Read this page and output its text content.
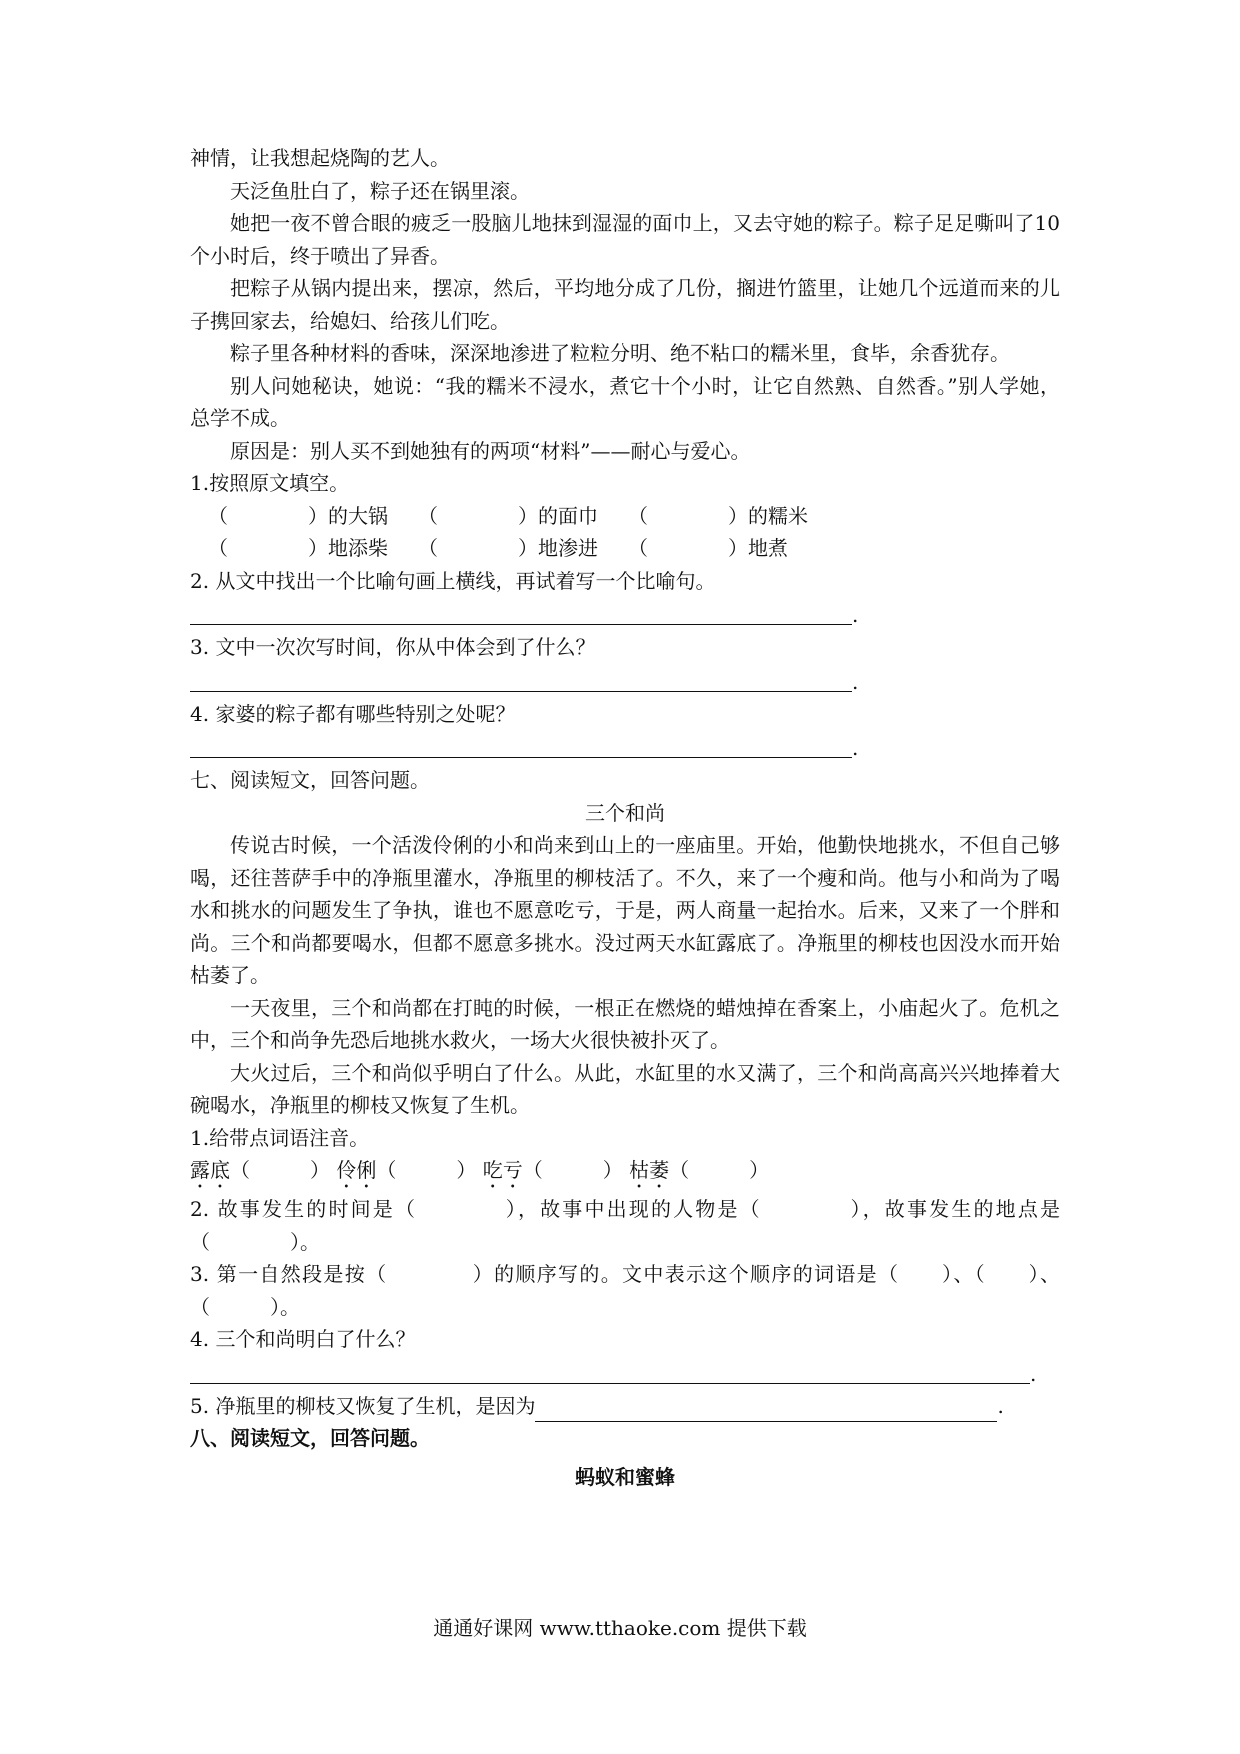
神情，让我想起烧陶的艺人。

天泛鱼肚白了，粽子还在锅里滚。

她把一夜不曾合眼的疲乏一股脑儿地抹到湿湿的面巾上，又去守她的粽子。粽子足足嘶叫了10个小时后，终于喷出了异香。

把粽子从锅内提出来，摆凉，然后，平均地分成了几份，搁进竹篮里，让她几个远道而来的儿子携回家去，给媳妇、给孩儿们吃。

粽子里各种材料的香味，深深地渗进了粒粒分明、绝不粘口的糯米里，食毕，余香犹存。

别人问她秘诀，她说：“我的糯米不浸水，煮它十个小时，让它自然熟、自然香。”别人学她，总学不成。

原因是：别人买不到她独有的两项“材料”——耐心与爱心。

1.按照原文填空。

（	）的大锅 （	）的面巾 （	）的糯米
（	）地添柴 （	）地渗进 （	）地煮

2. 从文中找出一个比喻句画上横线，再试着写一个比喻句。

.

3. 文中一次次写时间，你从中体会到了什么？

.

4. 家婆的粽子都有哪些特别之处呢？

.

七、阅读短文，回答问题。

三个和尚

传说古时候，一个活泼伶俐的小和尚来到山上的一座庙里。开始，他勤快地挑水，不但自己够喝，还往菩萨手中的净瓶里灌水，净瓶里的柳枝活了。不久，来了一个瘦和尚。他与小和尚为了喝水和挑水的问题发生了争执，谁也不愿意吃亏，于是，两人商量一起抬水。后来，又来了一个胖和尚。三个和尚都要喝水，但都不愿意多挑水。没过两天水缸露底了。净瓶里的柳枝也因没水而开始枯萎了。

一天夜里，三个和尚都在打盹的时候，一根正在燃烧的蜡烛掉在香案上，小庙起火了。危机之中，三个和尚争先恐后地挑水救火，一场大火很快被扑灭了。

大火过后，三个和尚似乎明白了什么。从此，水缸里的水又满了，三个和尚高高兴兴地捧着大碗喝水，净瓶里的柳枝又恢复了生机。

1.给带点词语注音。

露底（	） 伶俐（	） 吃亏（	） 枯萎（	）

2. 故事发生的时间是（　　　　），故事中出现的人物是（　　　　），故事发生的地点是（　　　　）。

3. 第一自然段是按（　　　　）的顺序写的。文中表示这个顺序的词语是（　　）、（　　）、（　　　）。

4. 三个和尚明白了什么？

.
5. 净瓶里的柳枝又恢复了生机，是因为	.

八、阅读短文，回答问题。

蚂蚁和蜜蜂
通通好课网 www.tthaoke.com 提供下载
